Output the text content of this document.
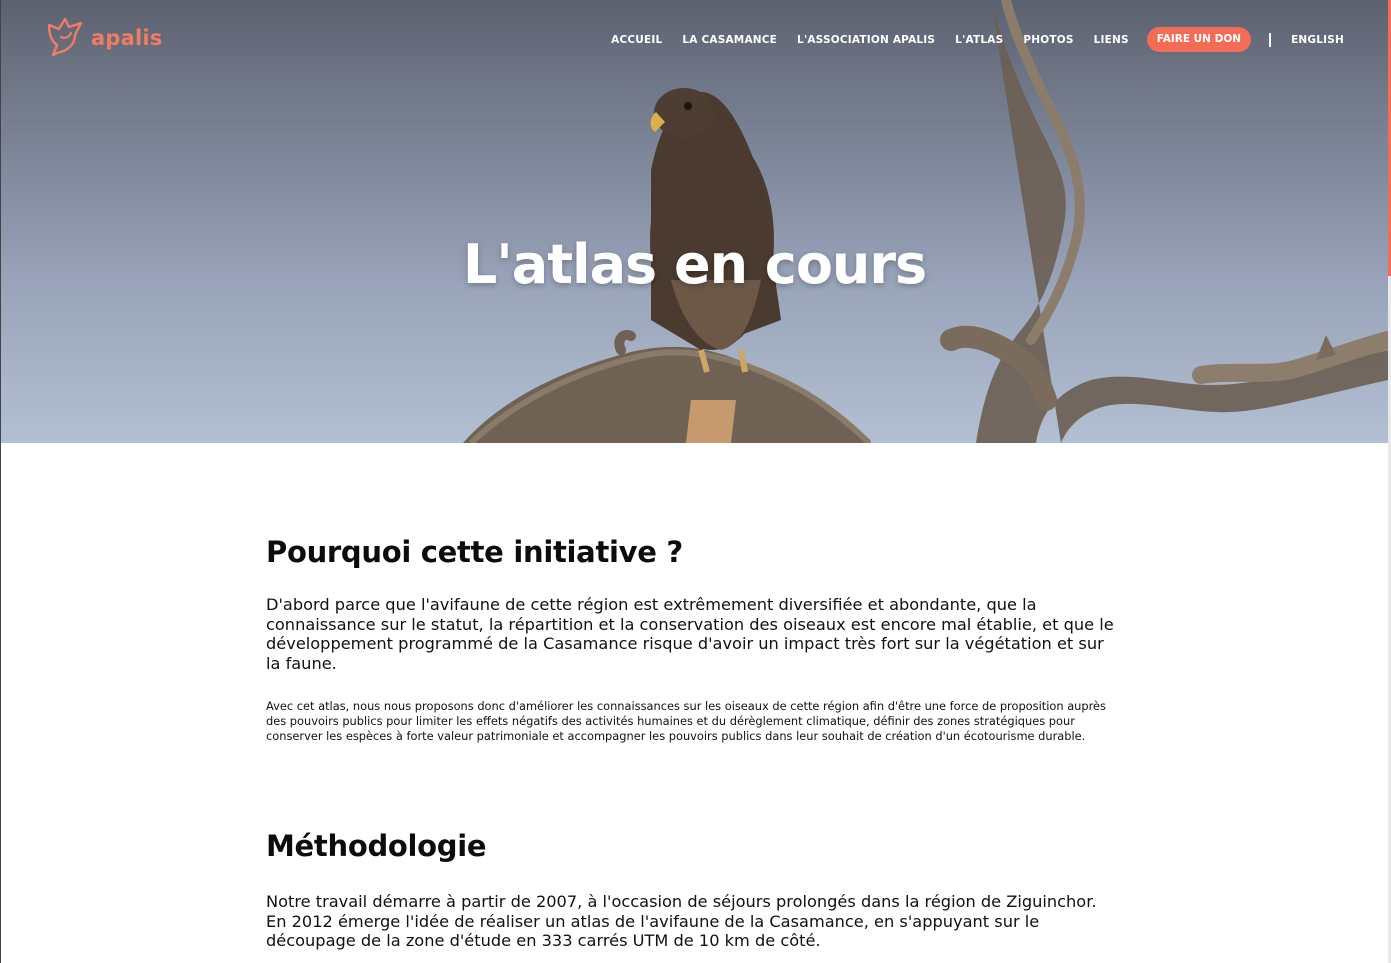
apalis	ACCUEIL LA CASAMANCE L'ASSOCIATION APALIS L'ATLAS PHOTOS LIENS	FAIRE UN DON	ENGLISH
L'atlas en cours
Pourquoi cette initiative ?

D'abord parce que l'avifaune de cette région est extrêmement diversifiée et abondante, que la connaissance sur le statut, la répartition et la conservation des oiseaux est encore mal établie, et que le développement programmé de la Casamance risque d'avoir un impact très fort sur la végétation et sur la faune.

Avec cet atlas, nous nous proposons donc d'améliorer les connaissances sur les oiseaux de cette région afin d'être une force de proposition auprès des pouvoirs publics pour limiter les effets négatifs des activités humaines et du dérèglement climatique, définir des zones stratégiques pour conserver les espèces à forte valeur patrimoniale et accompagner les pouvoirs publics dans leur souhait de création d'un écotourisme durable.

Méthodologie

Notre travail démarre à partir de 2007, à l'occasion de séjours prolongés dans la région de Ziguinchor. En 2012 émerge l'idée de réaliser un atlas de l'avifaune de la Casamance, en s'appuyant sur le découpage de la zone d'étude en 333 carrés UTM de 10 km de côté.
